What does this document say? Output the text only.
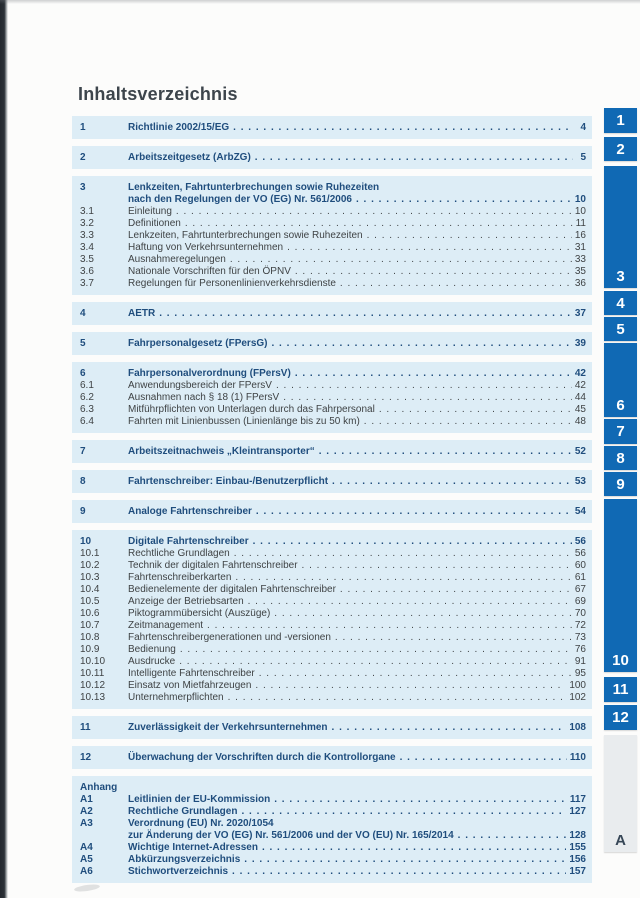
Inhaltsverzeichnis
1	Richtlinie 2002/15/EG . . .	4
2	Arbeitszeitgesetz (ArbZG) . . .	5
3	Lenkzeiten, Fahrtunterbrechungen sowie Ruhezeiten
nach den Regelungen der VO (EG) Nr. 561/2006 . . .	10
3.1	Einleitung . . .	10
3.2	Definitionen . . .	11
3.3	Lenkzeiten, Fahrtunterbrechungen sowie Ruhezeiten . . .	16
3.4	Haftung von Verkehrsunternehmen . . .	31
3.5	Ausnahmeregelungen . . .	33
3.6	Nationale Vorschriften für den ÖPNV . . .	35
3.7	Regelungen für Personenlinienverkehrsdienste . . .	36
4	AETR . . .	37
5	Fahrpersonalgesetz (FPersG) . . .	39
6	Fahrpersonalverordnung (FPersV) . . .	42
6.1	Anwendungsbereich der FPersV . . .	42
6.2	Ausnahmen nach § 18 (1) FPersV . . .	44
6.3	Mitführpflichten von Unterlagen durch das Fahrpersonal . . .	45
6.4	Fahrten mit Linienbussen (Linienlänge bis zu 50 km) . . .	48
7	Arbeitszeitnachweis „Kleintransporter“ . . .	52
8	Fahrtenschreiber: Einbau-/Benutzerpflicht . . .	53
9	Analoge Fahrtenschreiber . . .	54
10	Digitale Fahrtenschreiber . . .	56
10.1	Rechtliche Grundlagen . . .	56
10.2	Technik der digitalen Fahrtenschreiber . . .	60
10.3	Fahrtenschreiberkarten . . .	61
10.4	Bedienelemente der digitalen Fahrtenschreiber . . .	67
10.5	Anzeige der Betriebsarten . . .	69
10.6	Piktogrammübersicht (Auszüge) . . .	70
10.7	Zeitmanagement . . .	72
10.8	Fahrtenschreibergenerationen und -versionen . . .	73
10.9	Bedienung . . .	76
10.10	Ausdrucke . . .	91
10.11	Intelligente Fahrtenschreiber . . .	95
10.12	Einsatz von Mietfahrzeugen . . .	100
10.13	Unternehmerpflichten . . .	102
11	Zuverlässigkeit der Verkehrsunternehmen . . .	108
12	Überwachung der Vorschriften durch die Kontrollorgane . . .	110
Anhang
A1	Leitlinien der EU-Kommission . . .	117
A2	Rechtliche Grundlagen . . .	127
A3	Verordnung (EU) Nr. 2020/1054
zur Änderung der VO (EG) Nr. 561/2006 und der VO (EU) Nr. 165/2014 . . .	128
A4	Wichtige Internet-Adressen . . .	155
A5	Abkürzungsverzeichnis . . .	156
A6	Stichwortverzeichnis . . .	157
1
2
3
4
5
6
7
8
9
10
11
12
A
